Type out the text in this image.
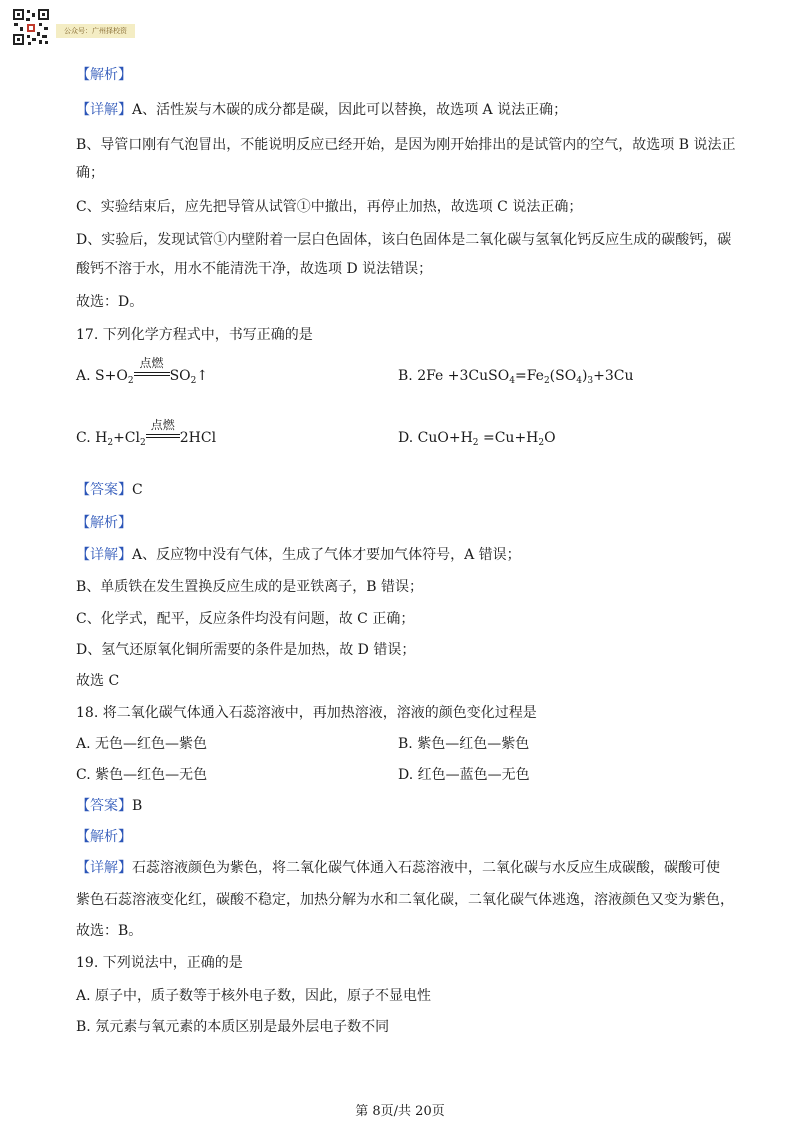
公众号：广州择校资
【解析】
【详解】A、活性炭与木碳的成分都是碳，因此可以替换，故选项 A 说法正确；
B、导管口刚有气泡冒出，不能说明反应已经开始，是因为刚开始排出的是试管内的空气，故选项 B 说法正
确；
C、实验结束后，应先把导管从试管①中撤出，再停止加热，故选项 C 说法正确；
D、实验后，发现试管①内壁附着一层白色固体，该白色固体是二氧化碳与氢氧化钙反应生成的碳酸钙，碳
酸钙不溶于水，用水不能清洗干净，故选项 D 说法错误；
故选：D。
17. 下列化学方程式中，书写正确的是
A. $S+O_2$
点燃
$SO_2↑$	B. $2Fe +3CuSO_4=Fe_2(SO_4)_3+3Cu$
C. $H_2+Cl_2$
点燃
2HCl	D. $CuO+H_2 =Cu+H_2O$
【答案】C
【解析】
【详解】A、反应物中没有气体，生成了气体才要加气体符号，A 错误；
B、单质铁在发生置换反应生成的是亚铁离子，B 错误；
C、化学式，配平，反应条件均没有问题，故 C 正确；
D、氢气还原氧化铜所需要的条件是加热，故 D 错误；
故选 C
18. 将二氧化碳气体通入石蕊溶液中，再加热溶液，溶液的颜色变化过程是
A. 无色—红色—紫色	B. 紫色—红色—紫色
C. 紫色—红色—无色	D. 红色—蓝色—无色
【答案】B
【解析】
【详解】石蕊溶液颜色为紫色，将二氧化碳气体通入石蕊溶液中，二氧化碳与水反应生成碳酸，碳酸可使
紫色石蕊溶液变化红，碳酸不稳定，加热分解为水和二氧化碳，二氧化碳气体逃逸，溶液颜色又变为紫色，
故选：B。
19. 下列说法中，正确的是
A. 原子中，质子数等于核外电子数，因此，原子不显电性
B. 氖元素与氧元素的本质区别是最外层电子数不同
第 8页/共 20页
